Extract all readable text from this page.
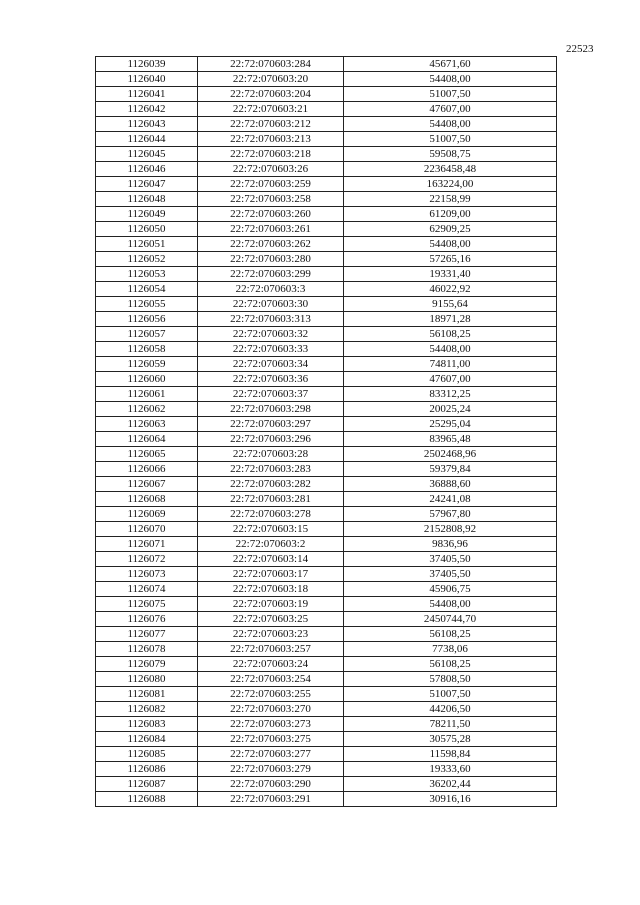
22523
1126039	22:72:070603:284	45671,60
1126040	22:72:070603:20	54408,00
1126041	22:72:070603:204	51007,50
1126042	22:72:070603:21	47607,00
1126043	22:72:070603:212	54408,00
1126044	22:72:070603:213	51007,50
1126045	22:72:070603:218	59508,75
1126046	22:72:070603:26	2236458,48
1126047	22:72:070603:259	163224,00
1126048	22:72:070603:258	22158,99
1126049	22:72:070603:260	61209,00
1126050	22:72:070603:261	62909,25
1126051	22:72:070603:262	54408,00
1126052	22:72:070603:280	57265,16
1126053	22:72:070603:299	19331,40
1126054	22:72:070603:3	46022,92
1126055	22:72:070603:30	9155,64
1126056	22:72:070603:313	18971,28
1126057	22:72:070603:32	56108,25
1126058	22:72:070603:33	54408,00
1126059	22:72:070603:34	74811,00
1126060	22:72:070603:36	47607,00
1126061	22:72:070603:37	83312,25
1126062	22:72:070603:298	20025,24
1126063	22:72:070603:297	25295,04
1126064	22:72:070603:296	83965,48
1126065	22:72:070603:28	2502468,96
1126066	22:72:070603:283	59379,84
1126067	22:72:070603:282	36888,60
1126068	22:72:070603:281	24241,08
1126069	22:72:070603:278	57967,80
1126070	22:72:070603:15	2152808,92
1126071	22:72:070603:2	9836,96
1126072	22:72:070603:14	37405,50
1126073	22:72:070603:17	37405,50
1126074	22:72:070603:18	45906,75
1126075	22:72:070603:19	54408,00
1126076	22:72:070603:25	2450744,70
1126077	22:72:070603:23	56108,25
1126078	22:72:070603:257	7738,06
1126079	22:72:070603:24	56108,25
1126080	22:72:070603:254	57808,50
1126081	22:72:070603:255	51007,50
1126082	22:72:070603:270	44206,50
1126083	22:72:070603:273	78211,50
1126084	22:72:070603:275	30575,28
1126085	22:72:070603:277	11598,84
1126086	22:72:070603:279	19333,60
1126087	22:72:070603:290	36202,44
1126088	22:72:070603:291	30916,16
